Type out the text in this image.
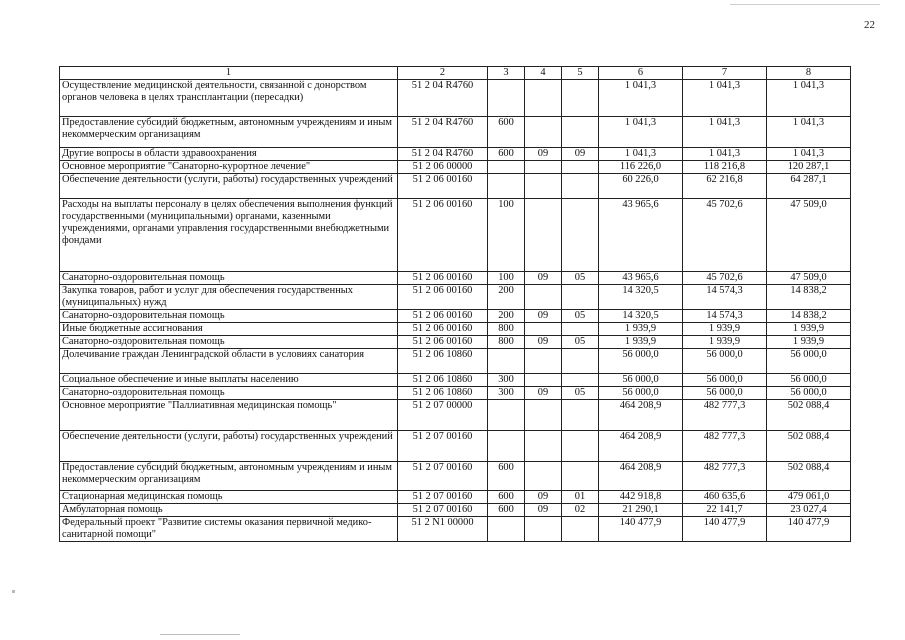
22
1	2	3	4	5	6	7	8
Осуществление медицинской деятельности, связанной с донорством органов человека в целях трансплантации (пересадки)	51 2 04 R4760				1 041,3	1 041,3	1 041,3
Предоставление субсидий бюджетным, автономным учреждениям и иным некоммерческим организациям	51 2 04 R4760	600			1 041,3	1 041,3	1 041,3
Другие вопросы в области здравоохранения	51 2 04 R4760	600	09	09	1 041,3	1 041,3	1 041,3
Основное мероприятие "Санаторно-курортное лечение"	51 2 06 00000				116 226,0	118 216,8	120 287,1
Обеспечение деятельности (услуги, работы) государственных учреждений	51 2 06 00160				60 226,0	62 216,8	64 287,1
Расходы на выплаты персоналу в целях обеспечения выполнения функций государственными (муниципальными) органами, казенными учреждениями, органами управления государственными внебюджетными фондами	51 2 06 00160	100			43 965,6	45 702,6	47 509,0
Санаторно-оздоровительная помощь	51 2 06 00160	100	09	05	43 965,6	45 702,6	47 509,0
Закупка товаров, работ и услуг для обеспечения государственных (муниципальных) нужд	51 2 06 00160	200			14 320,5	14 574,3	14 838,2
Санаторно-оздоровительная помощь	51 2 06 00160	200	09	05	14 320,5	14 574,3	14 838,2
Иные бюджетные ассигнования	51 2 06 00160	800			1 939,9	1 939,9	1 939,9
Санаторно-оздоровительная помощь	51 2 06 00160	800	09	05	1 939,9	1 939,9	1 939,9
Долечивание граждан Ленинградской области в условиях санатория	51 2 06 10860				56 000,0	56 000,0	56 000,0
Социальное обеспечение и иные выплаты населению	51 2 06 10860	300			56 000,0	56 000,0	56 000,0
Санаторно-оздоровительная помощь	51 2 06 10860	300	09	05	56 000,0	56 000,0	56 000,0
Основное мероприятие "Паллиативная медицинская помощь"	51 2 07 00000				464 208,9	482 777,3	502 088,4
Обеспечение деятельности (услуги, работы) государственных учреждений	51 2 07 00160				464 208,9	482 777,3	502 088,4
Предоставление субсидий бюджетным, автономным учреждениям и иным некоммерческим организациям	51 2 07 00160	600			464 208,9	482 777,3	502 088,4
Стационарная медицинская помощь	51 2 07 00160	600	09	01	442 918,8	460 635,6	479 061,0
Амбулаторная помощь	51 2 07 00160	600	09	02	21 290,1	22 141,7	23 027,4
Федеральный проект "Развитие системы оказания первичной медико-санитарной помощи"	51 2 N1 00000				140 477,9	140 477,9	140 477,9
